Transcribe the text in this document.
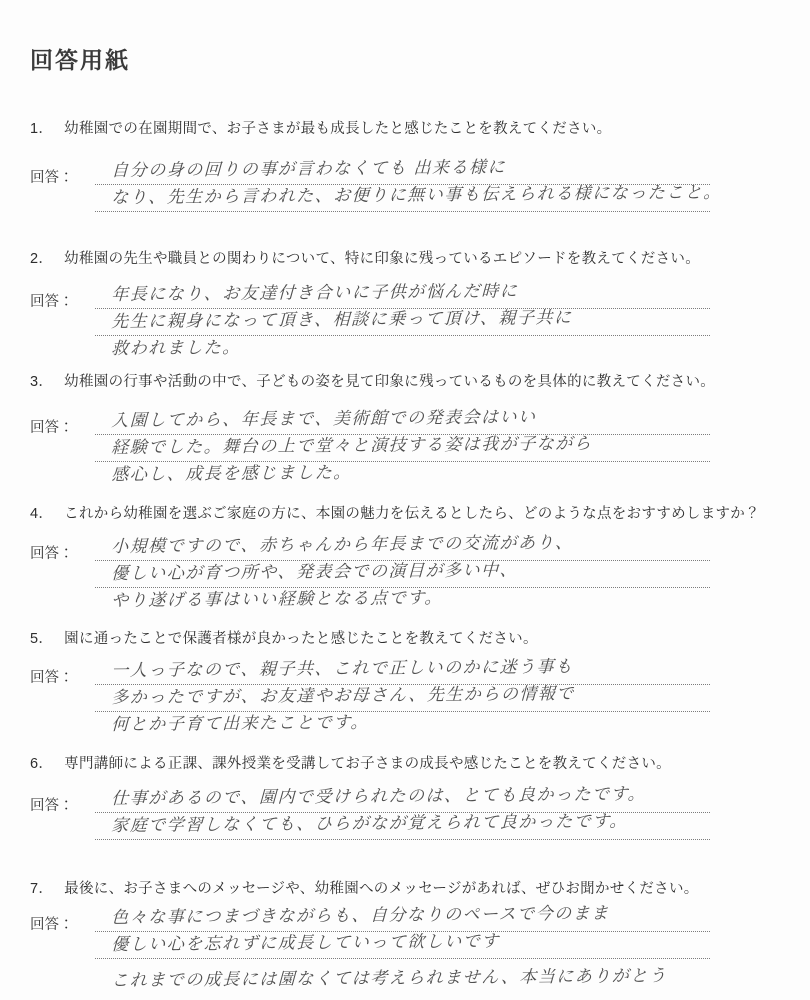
回答用紙
1． 幼稚園での在園期間で、お子さまが最も成長したと感じたことを教えてください。
回答：	自分の身の回りの事が言わなくても 出来る様に
なり、先生から言われた、お便りに無い事も伝えられる様になったこと。
2． 幼稚園の先生や職員との関わりについて、特に印象に残っているエピソードを教えてください。
回答：	年長になり、お友達付き合いに子供が悩んだ時に
先生に親身になって頂き、相談に乗って頂け、親子共に
救われました。
3． 幼稚園の行事や活動の中で、子どもの姿を見て印象に残っているものを具体的に教えてください。
回答：	入園してから、年長まで、美術館での発表会はいい
経験でした。舞台の上で堂々と演技する姿は我が子ながら
感心し、成長を感じました。
4． これから幼稚園を選ぶご家庭の方に、本園の魅力を伝えるとしたら、どのような点をおすすめしますか？
回答：	小規模ですので、赤ちゃんから年長までの交流があり、
優しい心が育つ所や、発表会での演目が多い中、
やり遂げる事はいい経験となる点です。
5． 園に通ったことで保護者様が良かったと感じたことを教えてください。
回答：	一人っ子なので、親子共、これで正しいのかに迷う事も
多かったですが、お友達やお母さん、先生からの情報で
何とか子育て出来たことです。
6． 専門講師による正課、課外授業を受講してお子さまの成長や感じたことを教えてください。
回答：	仕事があるので、園内で受けられたのは、とても良かったです。
家庭で学習しなくても、ひらがなが覚えられて良かったです。
7． 最後に、お子さまへのメッセージや、幼稚園へのメッセージがあれば、ぜひお聞かせください。
回答：	色々な事につまづきながらも、自分なりのペースで今のまま
優しい心を忘れずに成長していって欲しいです
これまでの成長には園なくては考えられません、本当にありがとう
